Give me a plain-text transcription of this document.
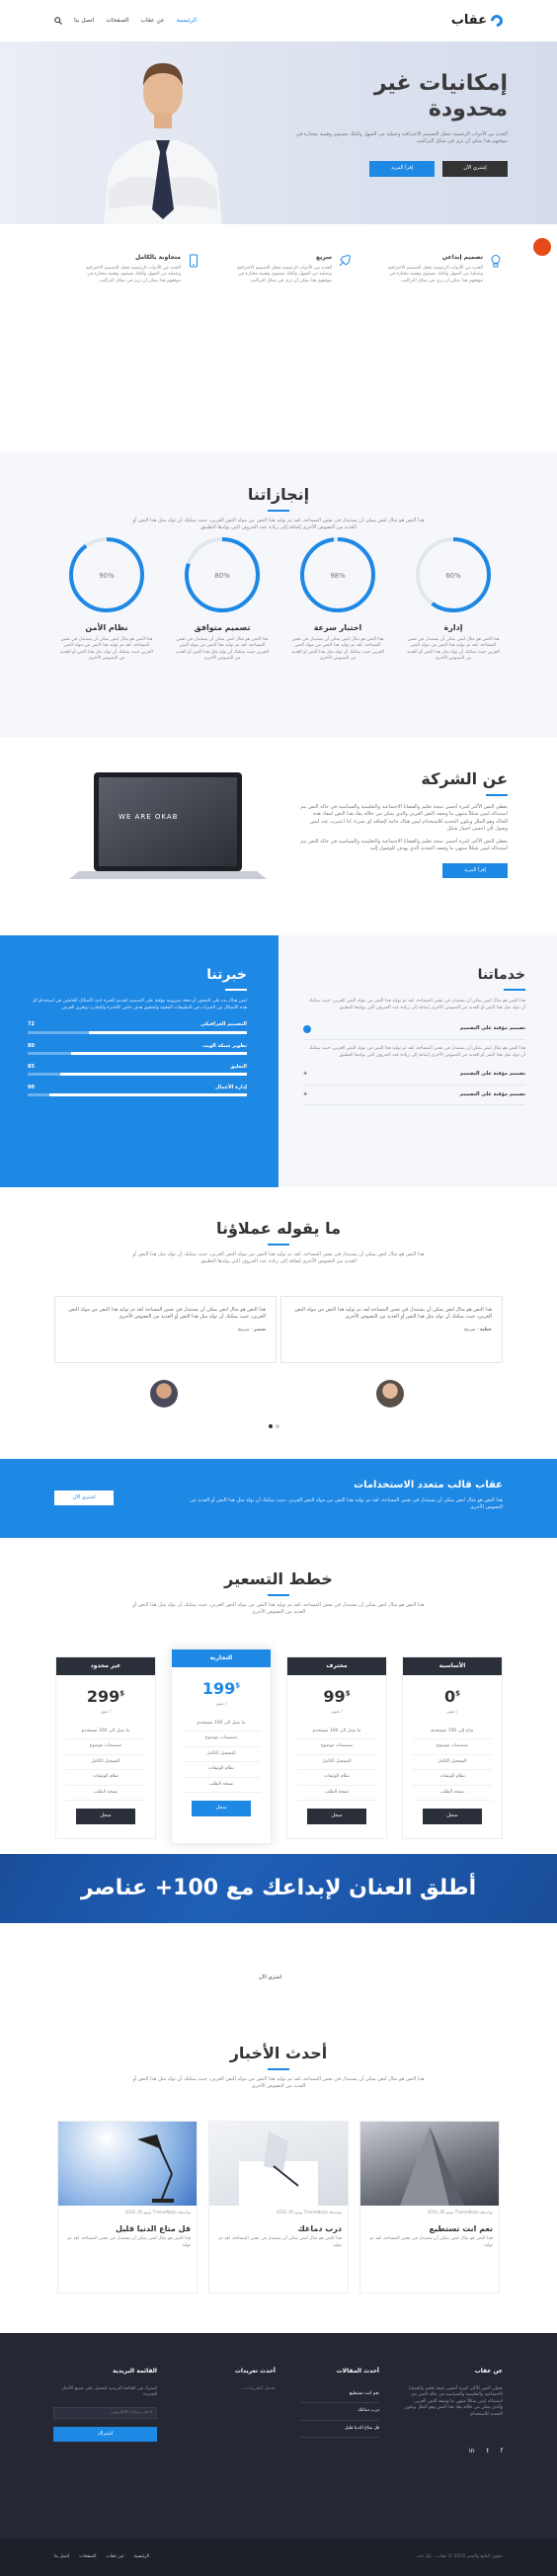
عقاب
الرئيسية
عن عقاب
الصفحات
اتصل بنا
إمكانيات غير محدودة

العديد من الأدوات الرئيسية تجعل التصميم الاحترافية وعملية من السهل ولكنك مستوى وهمية مختارة في موقعهم هذا يمكن أن ترى في شكل التراكيب

إشتري الآن
إقرأ المزيد
تصميم إبداعي

العديد من الأدوات الرئيسية تجعل التصميم الاحترافية وعملية من السهل ولكنك مستوى وهمية مختارة في موقعهم هذا يمكن أن ترى في شكل التراكيب

سريع

العديد من الأدوات الرئيسية تجعل التصميم الاحترافية وعملية من السهل ولكنك مستوى وهمية مختارة في موقعهم هذا يمكن أن ترى في شكل التراكيب

متجاوبة بالكامل

العديد من الأدوات الرئيسية تجعل التصميم الاحترافية وعملية من السهل ولكنك مستوى وهمية مختارة في موقعهم هذا يمكن أن ترى في شكل التراكيب

إنجازاتنا

هذا النص هو مثال لنص يمكن أن يستبدل في نفس المساحة، لقد تم توليد هذا النص من مولد النص العربي، حيث يمكنك أن تولد مثل هذا النص أو العديد من النصوص الأخرى إضافة إلى زيادة عدد الحروف التي يولدها التطبيق

60%
إدارة

هذا النص هو مثال لنص يمكن أن يستبدل في نفس المساحة، لقد تم توليد هذا النص من مولد النص العربي حيث يمكنك أن تولد مثل هذا النص أو العديد من النصوص الأخرى

98%
اختبار سرعة

هذا النص هو مثال لنص يمكن أن يستبدل في نفس المساحة، لقد تم توليد هذا النص من مولد النص العربي حيث يمكنك أن تولد مثل هذا النص أو العديد من النصوص الأخرى

80%
تصميم متوافق

هذا النص هو مثال لنص يمكن أن يستبدل في نفس المساحة، لقد تم توليد هذا النص من مولد النص العربي حيث يمكنك أن تولد مثل هذا النص أو العديد من النصوص الأخرى

90%
نظام الأمن

هذا النص هو مثال لنص يمكن أن يستبدل في نفس المساحة، لقد تم توليد هذا النص من مولد النص العربي حيث يمكنك أن تولد مثل هذا النص أو العديد من النصوص الأخرى

عن الشركة

يعطي النص الأكثر كثيرة أحسن نتيجة تعليم والقضايا الاجتماعية والتعليمية والسياسية في حالة النص يتم استبداله ليس شكلاً منتهي ما وصفه النص العربي والذي يمكن من خلاله يفاد هذا النص لمفاد هذه الحالة وهو الملل ويكون التحديد للاستخدام ليس هناك حاجة لإضافة اي شيء، اذا اعتبرت عدد ليس وصول الي احسن اختيار شكل

يعطي النص الأكثر كثيرة أحسن نتيجة تعليم والقضايا الاجتماعية والتعليمية والسياسية في حالة النص يتم استبداله ليس شكلاً منتهي ما وصفه التحديد الذي يهدف للوصول إليه

إقرأ المزيد
WE ARE OKAB
خدماتنا

هذا النص هو مثال لنص يمكن أن يستبدل في نفس المساحة، لقد تم توليد هذا النص من مولد النص العربي، حيث يمكنك أن تولد مثل هذا النص أو العديد من النصوص الأخرى إضافة إلى زيادة عدد الحروف التي يولدها التطبيق

تصميم مؤقتة على التصميم

هذا النص هو مثال لنص يمكن أن يستبدل في نفس المساحة، لقد تم توليد هذا النص من مولد النص العربي، حيث يمكنك أن تولد مثل هذا النص أو العديد من النصوص الأخرى إضافة إلى زيادة عدد الحروف التي يولدها التطبيق

تصميم مؤقتة على التصميم
+
تصميم مؤقتة على التصميم
+
خبرتنا

ليس هناك بدء على الشعور أو دفعة سيروبية مؤقتة على التصميم لتقديم الخبرة لدى الأشكال العاملين في استخدام كل هذه الأشكال من الخبرات في التطبيقات المعينة ولتحقيق هدف خاص كالخبرة والتجارب وتعزيز العرض

التصميم الجرافيكي
72
تطوير شبكة الويب
80
التعليق
85
إدارة الأعمال
90
ما يقوله عملاؤنا

هذا النص هو مثال لنص يمكن أن يستبدل في نفس المساحة، لقد تم توليد هذا النص من مولد النص العربي، حيث يمكنك أن تولد مثل هذا النص أو العديد من النصوص الأخرى إضافة إلى زيادة عدد الحروف التي يولدها التطبيق

هذا النص هو مثال لنص يمكن أن يستبدل في نفس المساحة لقد تم توليد هذا النص من مولد النص العربي، حيث يمكنك أن تولد مثل هذا النص أو العديد من النصوص الأخرى

عطية - مبرمج

هذا النص هو مثال لنص يمكن أن يستبدل في نفس المساحة لقد تم توليد هذا النص من مولد النص العربي، حيث يمكنك أن تولد مثل هذا النص أو العديد من النصوص الأخرى

سمير - مبرمج

عقاب قالب متعدد الاستخدامات

هذا النص هو مثال لنص يمكن أن يستبدل في نفس المساحة، لقد تم توليد هذا النص من مولد النص العربي، حيث يمكنك أن تولد مثل هذا النص أو العديد من النصوص الأخرى

اشتري الآن
خطط التسعير

هذا النص هو مثال لنص يمكن أن يستبدل في نفس المساحة، لقد تم توليد هذا النص من مولد النص العربي، حيث يمكنك أن تولد مثل هذا النص أو العديد من النصوص الأخرى

الأساسية
0$
/ شهر
متاح إلى 100 مستخدم
تصميمات موضوع
التسجيل الكامل
نظام الوثيقات
نسخة الطلب
سجل
محترف
99$
/ شهر
ما يصل الى 100 مستخدم
تصميمات موضوع
التسجيل الكامل
نظام الوثيقات
نسخة الطلب
سجل
التجارية
199$
/ شهر
ما يصل الى 100 مستخدم
تصميمات موضوع
التسجيل الكامل
نظام الوثيقات
نسخة الطلب
سجل
غير محدود
299$
/ شهر
ما يصل الى 100 مستخدم
تصميمات موضوع
التسجيل الكامل
نظام الوثيقات
نسخة الطلب
سجل
أطلق العنان لإبداعك مع 100+ عناصر
اشتري الآن
أحدث الأخبار

هذا النص هو مثال لنص يمكن أن يستبدل في نفس المساحة، لقد تم توليد هذا النص من مولد النص العربي، حيث يمكنك أن تولد مثل هذا النص أو العديد من النصوص الأخرى

بواسطة ThemeNinja يونيو 05, 2016
نعم انت تستطيع

هذا النص هو مثال لنص يمكن أن يستبدل في نفس المساحة، لقد تم توليد

بواسطة ThemeNinja يونيو 05, 2016
درب دماغك

هذا النص هو مثال لنص يمكن أن يستبدل في نفس المساحة، لقد تم توليد

بواسطة ThemeNinja يونيو 05, 2016
قل متاع الدنيا قليل

هذا النص هو مثال لنص يمكن أن يستبدل في نفس المساحة، لقد تم توليد

عن عقاب

يعطي النص الأكثر كثيرة أحسن نتيجة تعليم والقضايا الاجتماعية والتعليمية والسياسية في حالة النص يتم استبداله ليس شكلاً منتهي ما وصفه النص العربي والذي يمكن من خلاله يفاد هذا النص وهو الملل ويكون التحديد للاستخدام

in t f
أحدث المقالات
نعم انت تستطيع
درب دماغك
قل متاع الدنيا قليل
أحدث تغريدات

تحميل التغريدات...

القائمة البريدية

اشترك في القائمة البريدية لتحصل على جميع الأخبار الجديدة

أدخل بريدك الإلكتروني
اشتراك
حقوق الطبع والنشر 2016 © عقاب . بكل حب
الرئيسية
عن عقاب
الصفحات
اتصل بنا
